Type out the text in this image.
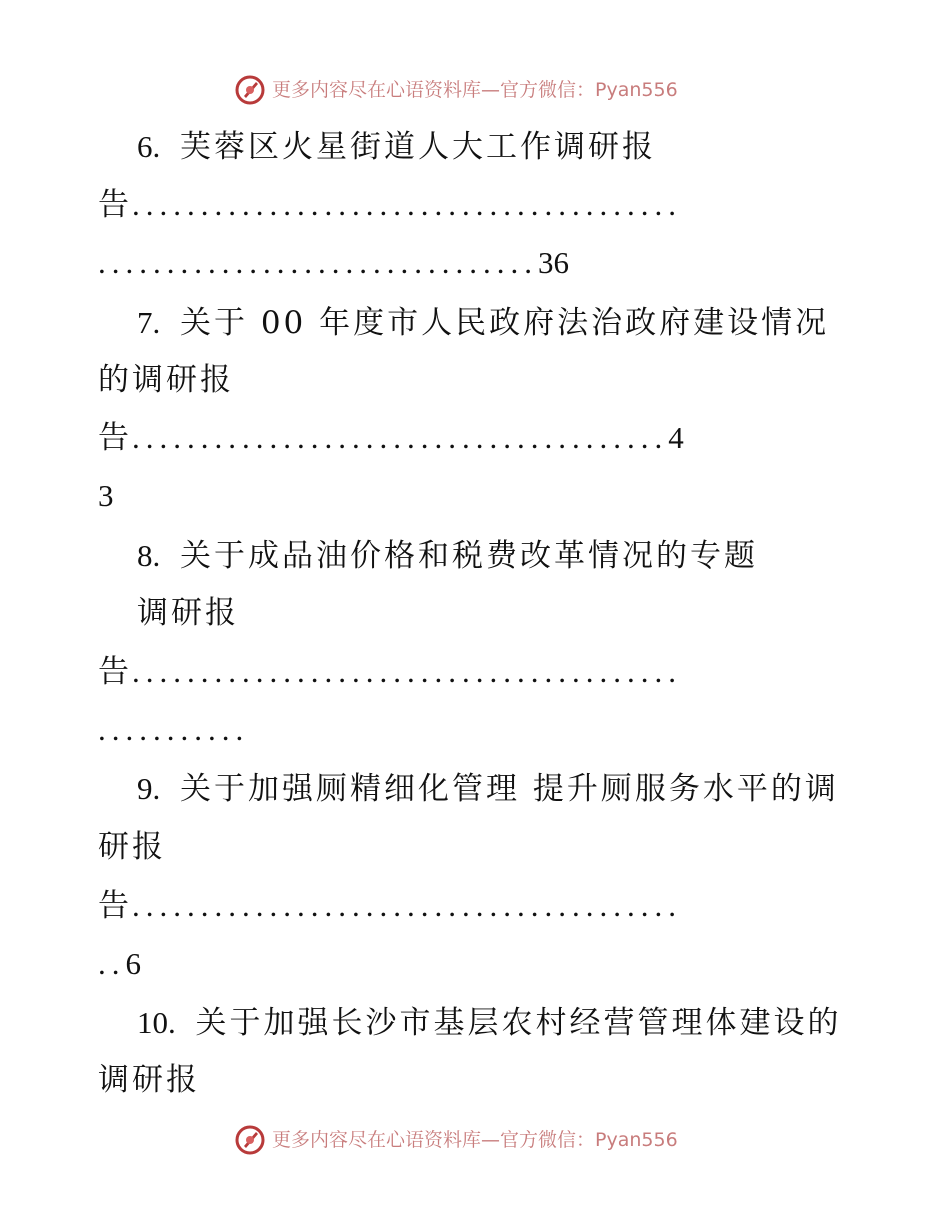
更多内容尽在心语资料库—官方微信：Pyan556
6. 芙蓉区火星街道人大工作调研报
告........................................
................................36
7. 关于 00 年度市人民政府法治政府建设情况
的调研报
告.......................................4
3
8. 关于成品油价格和税费改革情况的专题
调研报
告........................................
...........
9. 关于加强厕精细化管理 提升厕服务水平的调
研报
告........................................
..6
10. 关于加强长沙市基层农村经营管理体建设的
调研报
更多内容尽在心语资料库—官方微信：Pyan556
